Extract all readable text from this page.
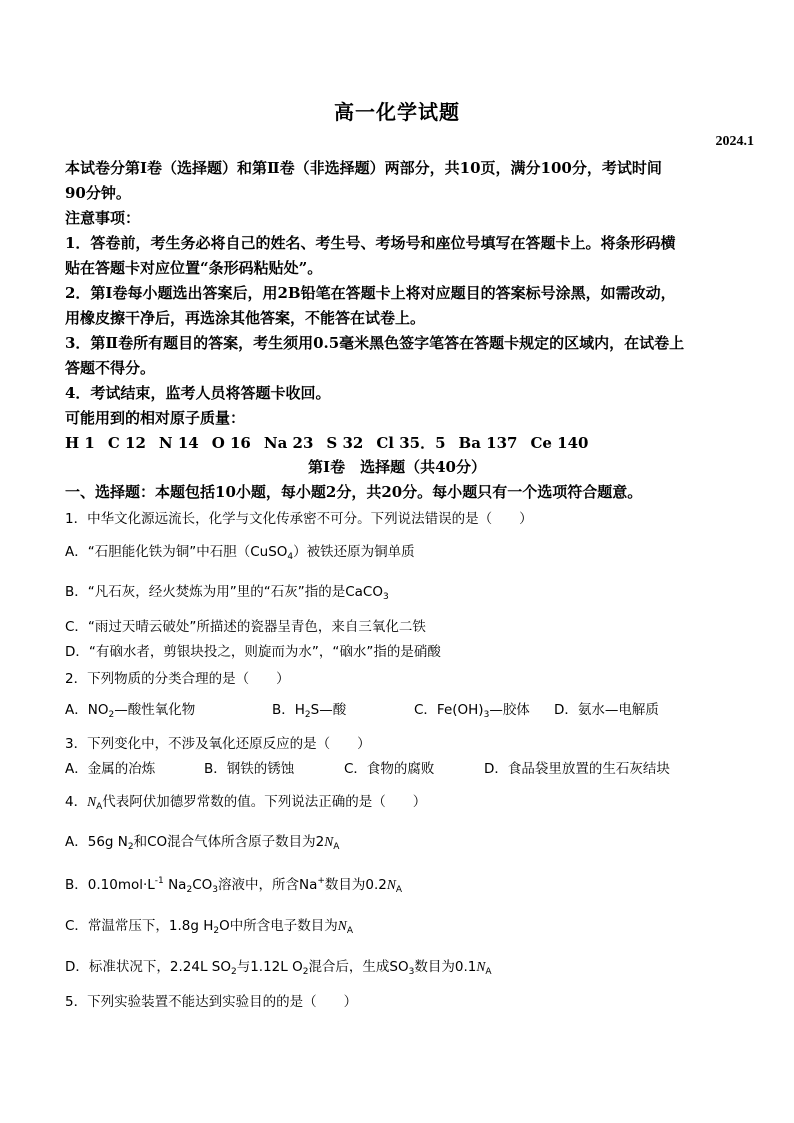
高一化学试题
2024.1
本试卷分第Ⅰ卷（选择题）和第Ⅱ卷（非选择题）两部分，共10页，满分100分，考试时间
90分钟。
注意事项：
1．答卷前，考生务必将自己的姓名、考生号、考场号和座位号填写在答题卡上。将条形码横
贴在答题卡对应位置“条形码粘贴处”。
2．第Ⅰ卷每小题选出答案后，用2B铅笔在答题卡上将对应题目的答案标号涂黑，如需改动，
用橡皮擦干净后，再选涂其他答案，不能答在试卷上。
3．第Ⅱ卷所有题目的答案，考生须用0.5毫米黑色签字笔答在答题卡规定的区域内，在试卷上
答题不得分。
4．考试结束，监考人员将答题卡收回。
可能用到的相对原子质量：
H 1 C 12 N 14 O 16 Na 23 S 32 Cl 35．5 Ba 137 Ce 140
第Ⅰ卷　选择题（共40分）
一、选择题：本题包括10小题，每小题2分，共20分。每小题只有一个选项符合题意。
1．中华文化源远流长，化学与文化传承密不可分。下列说法错误的是（　　）
A．“石胆能化铁为铜”中石胆（CuSO$_4$）被铁还原为铜单质
B．“凡石灰，经火焚炼为用”里的“石灰”指的是CaCO$_3$
C．“雨过天晴云破处”所描述的瓷器呈青色，来自三氧化二铁
D．“有硇水者，剪银块投之，则旋而为水”，“硇水”指的是硝酸
2．下列物质的分类合理的是（　　）
A．$NO_2—$酸性氧化物	B．$H_2S—$酸	C．$Fe(OH)_3—$胶体 D．氨水—电解质
3．下列变化中，不涉及氧化还原反应的是（　　）
A．金属的冶炼	B．钢铁的锈蚀	C．食物的腐败	D．食品袋里放置的生石灰结块
4．$N_A$代表阿伏加德罗常数的值。下列说法正确的是（　　）
A．56g $N_2$和CO混合气体所含原子数目为$2N_A$
B．$0.10mol\cdot L^{-1}$ $Na_2CO_3$溶液中，所含Na+数目为$0.2N_A$
C．常温常压下，1.8g $H_2O$中所含电子数目为$N_A$
D．标准状况下，2.24L $SO_2$与1.12L $O_2$混合后，生成$SO_3$数目为$0.1N_A$
5．下列实验装置不能达到实验目的的是（　　）
